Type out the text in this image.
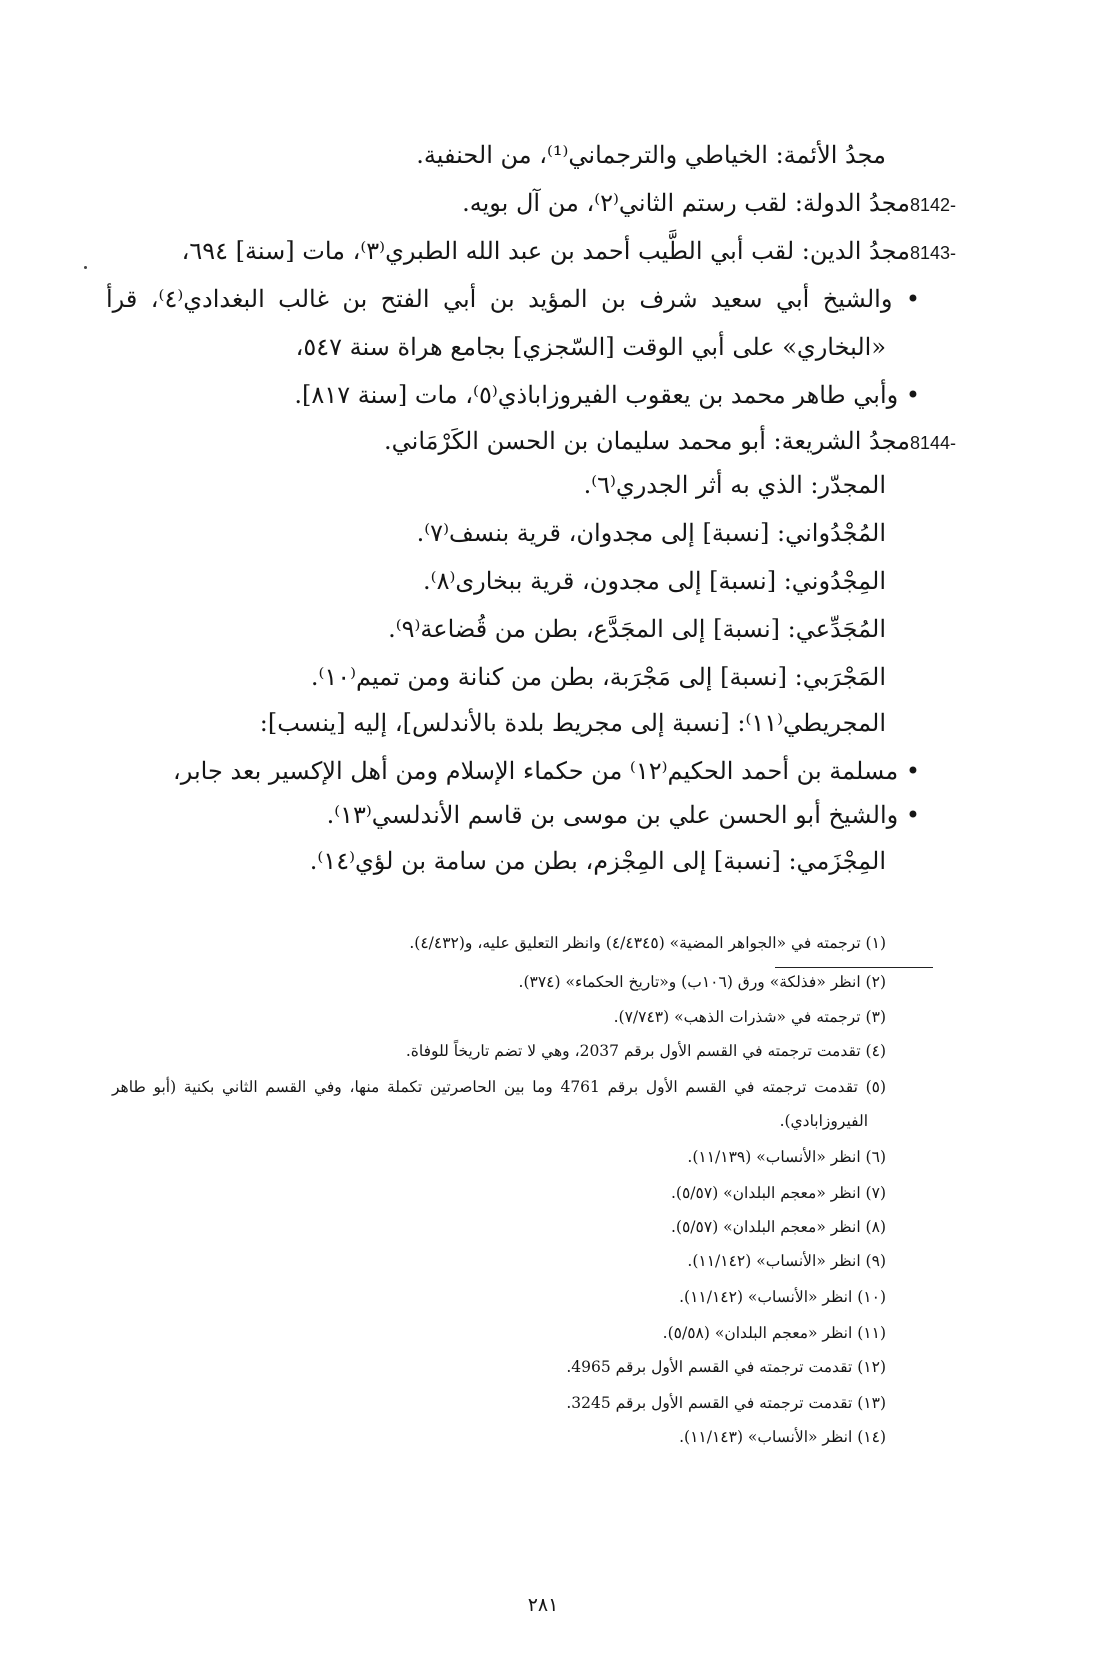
مجدُ الأئمة: الخياطي والترجماني⁽¹⁾، من الحنفية.
8142-مجدُ الدولة: لقب رستم الثاني⁽٢⁾، من آل بويه.
8143-مجدُ الدين: لقب أبي الطَّيب أحمد بن عبد الله الطبري⁽٣⁾، مات [سنة] ٦٩٤،
• والشيخ أبي سعيد شرف بن المؤيد بن أبي الفتح بن غالب البغدادي⁽٤⁾، قرأ
«البخاري» على أبي الوقت [السّجزي] بجامع هراة سنة ٥٤٧،
• وأبي طاهر محمد بن يعقوب الفيروزاباذي⁽٥⁾، مات [سنة ٨١٧].
8144-مجدُ الشريعة: أبو محمد سليمان بن الحسن الكَرْمَاني.
المجدّر: الذي به أثر الجدري⁽٦⁾.
المُجْدُواني: [نسبة] إلى مجدوان، قرية بنسف⁽٧⁾.
المِجْدُوني: [نسبة] إلى مجدون، قرية ببخارى⁽٨⁾.
المُجَدِّعي: [نسبة] إلى المجَدَّع، بطن من قُضاعة⁽٩⁾.
المَجْرَبي: [نسبة] إلى مَجْرَبة، بطن من كنانة ومن تميم⁽١٠⁾.
المجريطي⁽١١⁾: [نسبة إلى مجريط بلدة بالأندلس]، إليه [ينسب]:
• مسلمة بن أحمد الحكيم⁽١٢⁾ من حكماء الإسلام ومن أهل الإكسير بعد جابر،
• والشيخ أبو الحسن علي بن موسى بن قاسم الأندلسي⁽١٣⁾.
المِجْزَمي: [نسبة] إلى المِجْزم، بطن من سامة بن لؤي⁽١٤⁾.
(١) ترجمته في «الجواهر المضية» (٤/٤٣٤٥) وانظر التعليق عليه، و(٤/٤٣٢).
(٢) انظر «فذلكة» ورق (١٠٦ب) و«تاريخ الحكماء» (٣٧٤).
(٣) ترجمته في «شذرات الذهب» (٧/٧٤٣).
(٤) تقدمت ترجمته في القسم الأول برقم 2037، وهي لا تضم تاريخاً للوفاة.
(٥) تقدمت ترجمته في القسم الأول برقم 4761 وما بين الحاصرتين تكملة منها، وفي القسم الثاني بكنية (أبو طاهر
الفيروزابادي).
(٦) انظر «الأنساب» (١١/١٣٩).
(٧) انظر «معجم البلدان» (٥/٥٧).
(٨) انظر «معجم البلدان» (٥/٥٧).
(٩) انظر «الأنساب» (١١/١٤٢).
(١٠) انظر «الأنساب» (١١/١٤٢).
(١١) انظر «معجم البلدان» (٥/٥٨).
(١٢) تقدمت ترجمته في القسم الأول برقم 4965.
(١٣) تقدمت ترجمته في القسم الأول برقم 3245.
(١٤) انظر «الأنساب» (١١/١٤٣).
٢٨١
